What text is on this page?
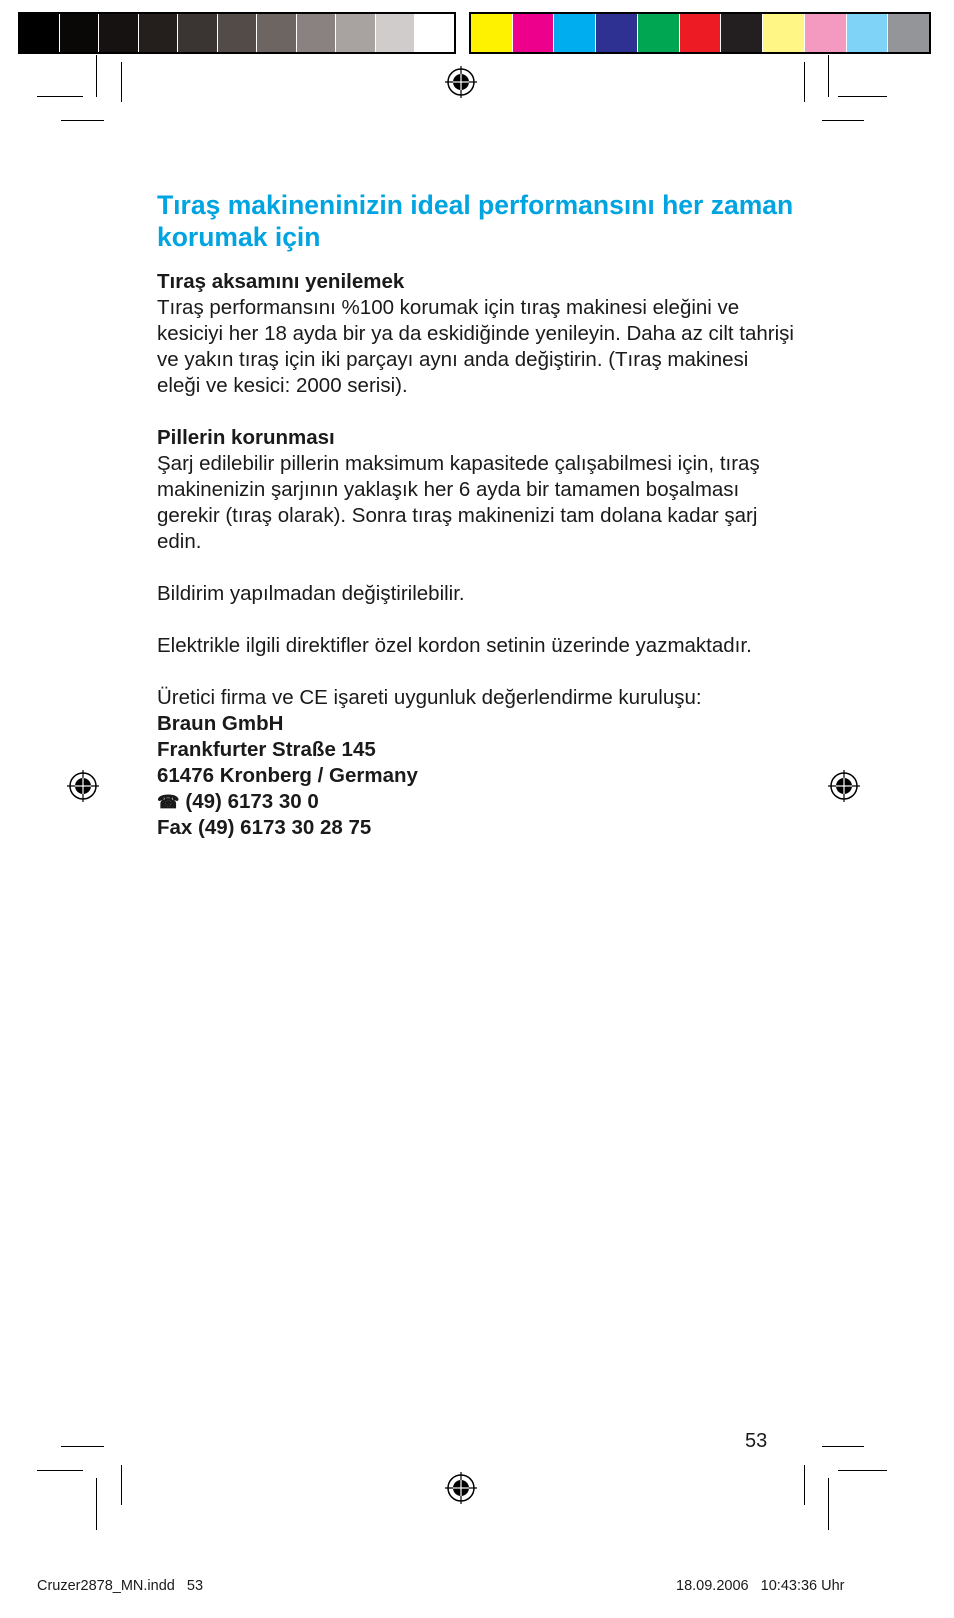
Tıraş makineninizin ideal performansını her zaman korumak için
Tıraş aksamını yenilemek

Tıraş performansını %100 korumak için tıraş makinesi eleğini ve kesiciyi her 18 ayda bir ya da eskidiğinde yenileyin. Daha az cilt tahrişi ve yakın tıraş için iki parçayı aynı anda değiştirin. (Tıraş makinesi eleği ve kesici: 2000 serisi).

Pillerin korunması

Şarj edilebilir pillerin maksimum kapasitede çalışabilmesi için, tıraş makinenizin şarjının yaklaşık her 6 ayda bir tamamen boşalması gerekir (tıraş olarak). Sonra tıraş makinenizi tam dolana kadar şarj edin.

Bildirim yapılmadan değiştirilebilir.

Elektrikle ilgili direktifler özel kordon setinin üzerinde yazmaktadır.

Üretici firma ve CE işareti uygunluk değerlendirme kuruluşu:
Braun GmbH
Frankfurter Straße 145
61476 Kronberg / Germany
☎ (49) 6173 30 0
Fax (49) 6173 30 28 75
53
Cruzer2878_MN.indd   53	18.09.2006   10:43:36 Uhr
